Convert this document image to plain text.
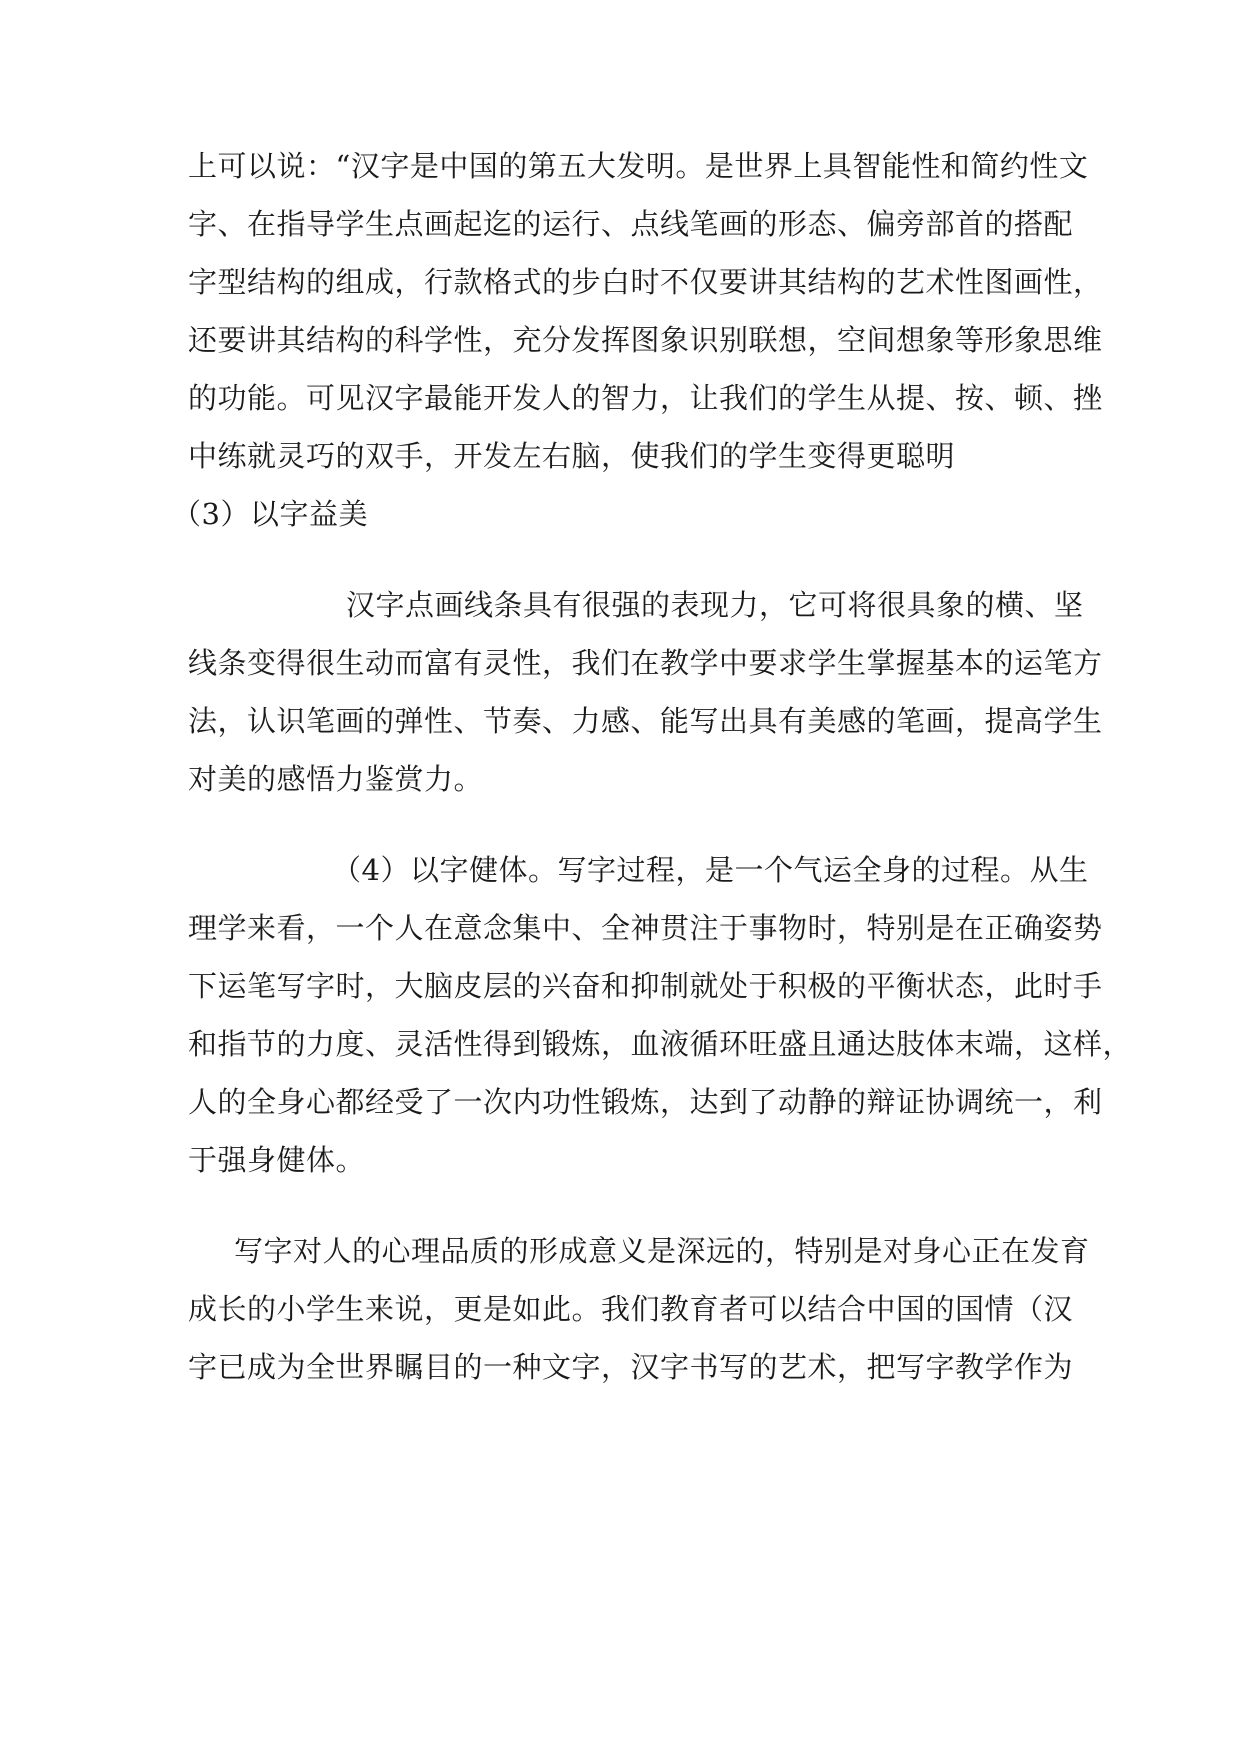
上可以说：“汉字是中国的第五大发明。是世界上具智能性和简约性文
字、在指导学生点画起迄的运行、点线笔画的形态、偏旁部首的搭配
字型结构的组成，行款格式的步白时不仅要讲其结构的艺术性图画性，
还要讲其结构的科学性，充分发挥图象识别联想，空间想象等形象思维
的功能。可见汉字最能开发人的智力，让我们的学生从提、按、顿、挫
中练就灵巧的双手，开发左右脑，使我们的学生变得更聪明
（3）以字益美
汉字点画线条具有很强的表现力，它可将很具象的横、坚
线条变得很生动而富有灵性，我们在教学中要求学生掌握基本的运笔方
法，认识笔画的弹性、节奏、力感、能写出具有美感的笔画，提高学生
对美的感悟力鉴赏力。
（4）以字健体。写字过程，是一个气运全身的过程。从生
理学来看，一个人在意念集中、全神贯注于事物时，特别是在正确姿势
下运笔写字时，大脑皮层的兴奋和抑制就处于积极的平衡状态，此时手
和指节的力度、灵活性得到锻炼，血液循环旺盛且通达肢体末端，这样，
人的全身心都经受了一次内功性锻炼，达到了动静的辩证协调统一，利
于强身健体。
写字对人的心理品质的形成意义是深远的，特别是对身心正在发育
成长的小学生来说，更是如此。我们教育者可以结合中国的国情（汉
字已成为全世界瞩目的一种文字，汉字书写的艺术，把写字教学作为
